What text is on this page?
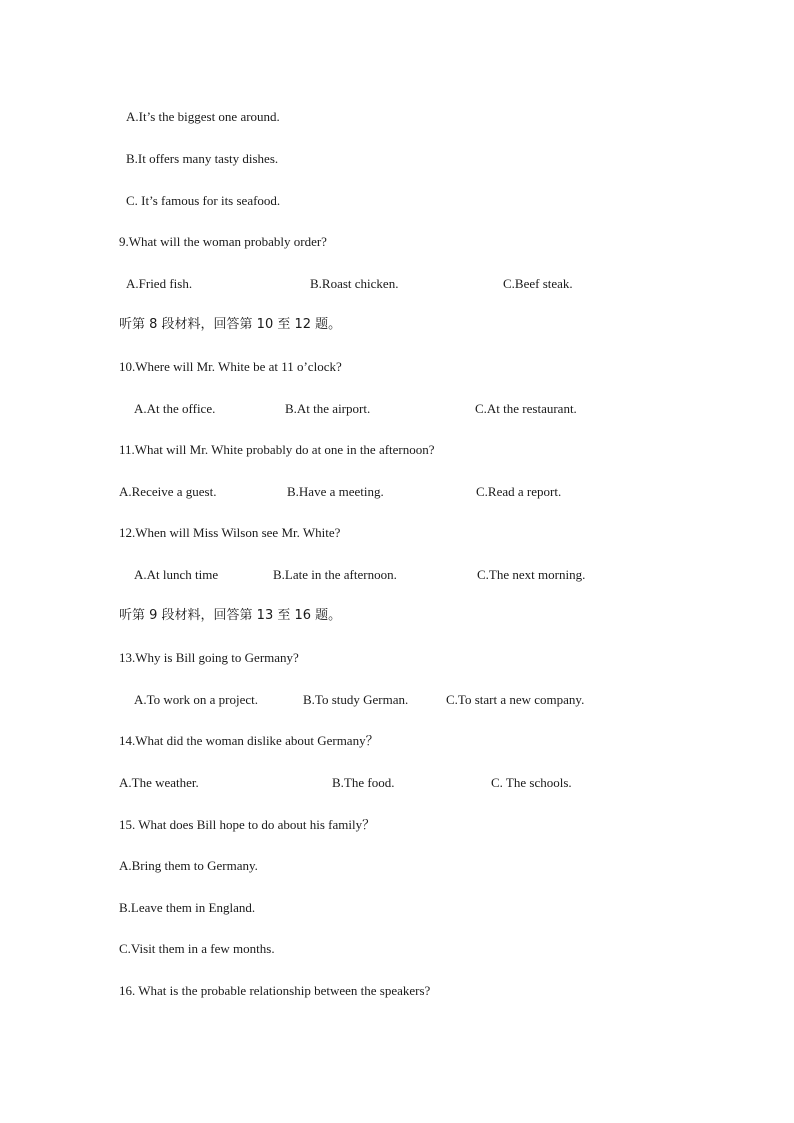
A.It’s the biggest one around.
B.It offers many tasty dishes.
C. It’s famous for its seafood.
9.What will the woman probably order?
A.Fried fish.	B.Roast chicken.	C.Beef steak.
听第 8 段材料，回答第 10 至 12 题。
10.Where will Mr. White be at 11 o’clock?
A.At the office.	B.At the airport.	C.At the restaurant.
11.What will Mr. White probably do at one in the afternoon?
A.Receive a guest.	B.Have a meeting.	C.Read a report.
12.When will Miss Wilson see Mr. White?
A.At lunch time	B.Late in the afternoon.	C.The next morning.
听第 9 段材料，回答第 13 至 16 题。
13.Why is Bill going to Germany?
A.To work on a project.	B.To study German.	C.To start a new company.
14.What did the woman dislike about Germany？
A.The weather.	B.The food.	C. The schools.
15. What does Bill hope to do about his family？
A.Bring them to Germany.
B.Leave them in England.
C.Visit them in a few months.
16. What is the probable relationship between the speakers?
